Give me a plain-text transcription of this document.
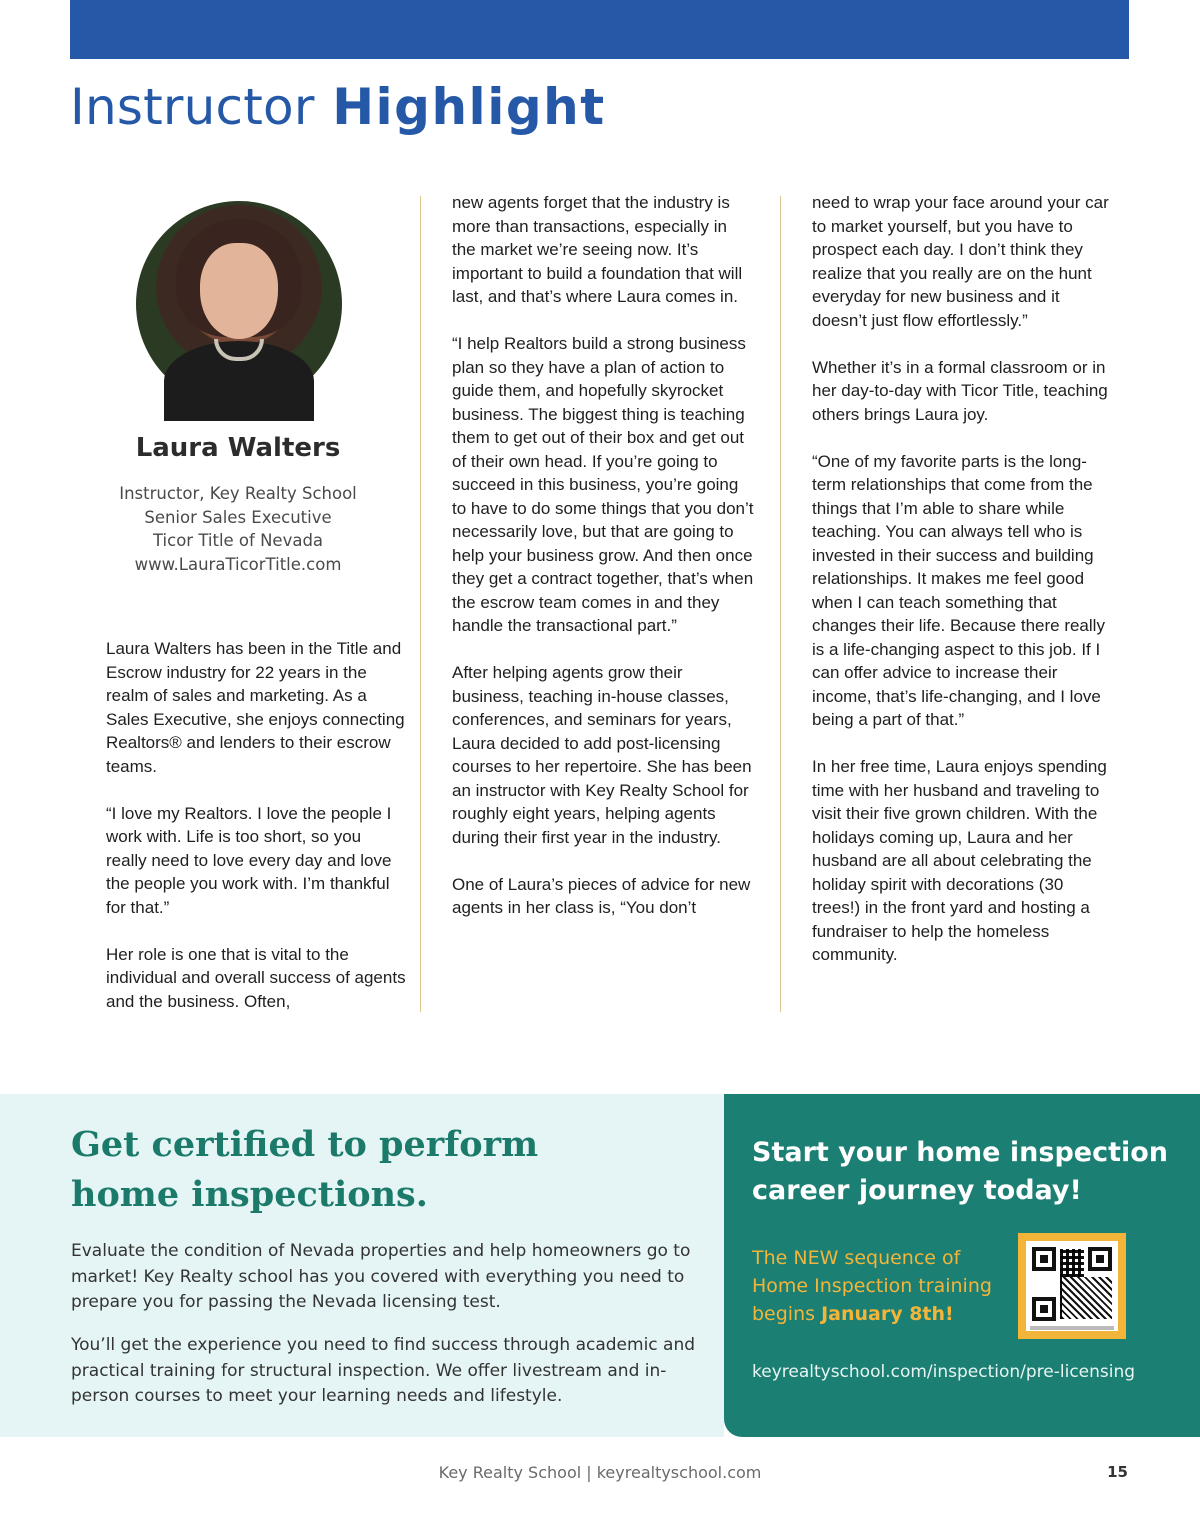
Instructor Highlight
Laura Walters
Instructor, Key Realty School
Senior Sales Executive
Ticor Title of Nevada
www.LauraTicorTitle.com

Laura Walters has been in the Title and Escrow industry for 22 years in the realm of sales and marketing. As a Sales Executive, she enjoys connecting Realtors® and lenders to their escrow teams.

“I love my Realtors. I love the people I work with. Life is too short, so you really need to love every day and love the people you work with. I’m thankful for that.”

Her role is one that is vital to the individual and overall success of agents and the business. Often,

new agents forget that the industry is more than transactions, especially in the market we’re seeing now. It’s important to build a foundation that will last, and that’s where Laura comes in.

“I help Realtors build a strong business plan so they have a plan of action to guide them, and hopefully skyrocket business. The biggest thing is teaching them to get out of their box and get out of their own head. If you’re going to succeed in this business, you’re going to have to do some things that you don’t necessarily love, but that are going to help your business grow. And then once they get a contract together, that’s when the escrow team comes in and they handle the transactional part.”

After helping agents grow their business, teaching in-house classes, conferences, and seminars for years, Laura decided to add post-licensing courses to her repertoire. She has been an instructor with Key Realty School for roughly eight years, helping agents during their first year in the industry.

One of Laura’s pieces of advice for new agents in her class is, “You don’t

need to wrap your face around your car to market yourself, but you have to prospect each day. I don’t think they realize that you really are on the hunt everyday for new business and it doesn’t just flow effortlessly.”

Whether it’s in a formal classroom or in her day-to-day with Ticor Title, teaching others brings Laura joy.

“One of my favorite parts is the long-term relationships that come from the things that I’m able to share while teaching. You can always tell who is invested in their success and building relationships. It makes me feel good when I can teach something that changes their life. Because there really is a life-changing aspect to this job. If I can offer advice to increase their income, that’s life-changing, and I love being a part of that.”

In her free time, Laura enjoys spending time with her husband and traveling to visit their five grown children. With the holidays coming up, Laura and her husband are all about celebrating the holiday spirit with decorations (30 trees!) in the front yard and hosting a fundraiser to help the homeless community.

Get certified to perform
home inspections.

Evaluate the condition of Nevada properties and help homeowners go to market! Key Realty school has you covered with everything you need to prepare you for passing the Nevada licensing test.

You’ll get the experience you need to find success through academic and practical training for structural inspection. We offer livestream and in-person courses to meet your learning needs and lifestyle.

Start your home inspection
career journey today!
The NEW sequence of
Home Inspection training
begins January 8th!
keyrealtyschool.com/inspection/pre-licensing
Key Realty School | keyrealtyschool.com	15
